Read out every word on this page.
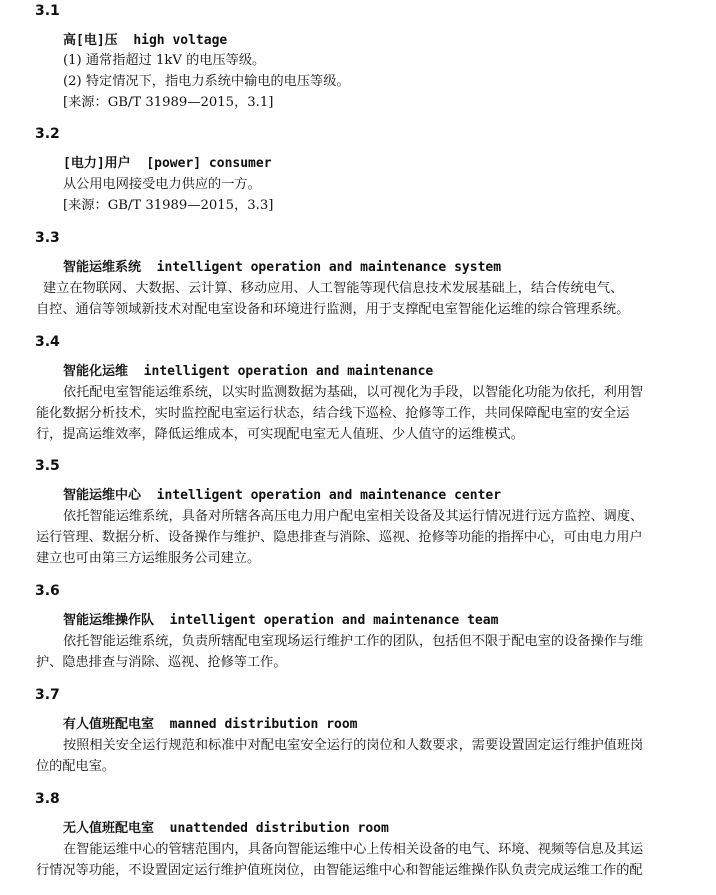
3.1
高[电]压 high voltage

(1) 通常指超过 1kV 的电压等级。

(2) 特定情况下，指电力系统中输电的电压等级。

[来源：GB/T 31989—2015，3.1]

3.2
[电力]用户 [power] consumer

从公用电网接受电力供应的一方。

[来源：GB/T 31989—2015，3.3]

3.3
智能运维系统 intelligent operation and maintenance system

建立在物联网、大数据、云计算、移动应用、人工智能等现代信息技术发展基础上，结合传统电气、

自控、通信等领域新技术对配电室设备和环境进行监测，用于支撑配电室智能化运维的综合管理系统。

3.4
智能化运维 intelligent operation and maintenance

依托配电室智能运维系统，以实时监测数据为基础，以可视化为手段，以智能化功能为依托，利用智

能化数据分析技术，实时监控配电室运行状态，结合线下巡检、抢修等工作，共同保障配电室的安全运

行，提高运维效率，降低运维成本，可实现配电室无人值班、少人值守的运维模式。

3.5
智能运维中心 intelligent operation and maintenance center

依托智能运维系统，具备对所辖各高压电力用户配电室相关设备及其运行情况进行远方监控、调度、

运行管理、数据分析、设备操作与维护、隐患排查与消除、巡视、抢修等功能的指挥中心，可由电力用户

建立也可由第三方运维服务公司建立。

3.6
智能运维操作队 intelligent operation and maintenance team

依托智能运维系统，负责所辖配电室现场运行维护工作的团队，包括但不限于配电室的设备操作与维

护、隐患排查与消除、巡视、抢修等工作。

3.7
有人值班配电室 manned distribution room

按照相关安全运行规范和标准中对配电室安全运行的岗位和人数要求，需要设置固定运行维护值班岗

位的配电室。

3.8
无人值班配电室 unattended distribution room

在智能运维中心的管辖范围内，具备向智能运维中心上传相关设备的电气、环境、视频等信息及其运

行情况等功能，不设置固定运行维护值班岗位，由智能运维中心和智能运维操作队负责完成运维工作的配
